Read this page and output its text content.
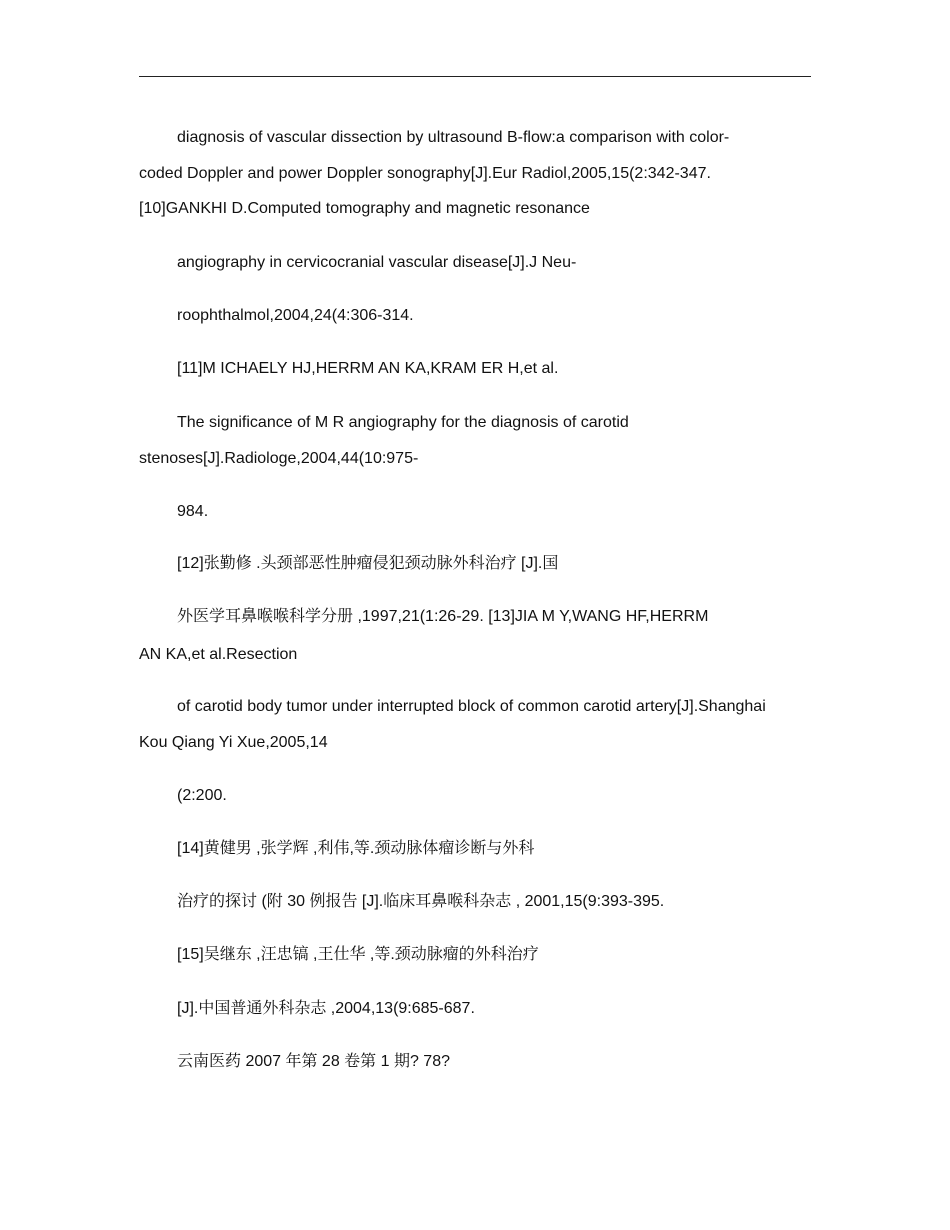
diagnosis of vascular dissection by ultrasound B-flow:a comparison with color-
coded Doppler and power Doppler sonography[J].Eur Radiol,2005,15(2:342-347.
[10]GANKHI D.Computed tomography and magnetic resonance
angiography in cervicocranial vascular disease[J].J Neu-
roophthalmol,2004,24(4:306-314.
[11]M ICHAELY HJ,HERRM AN KA,KRAM ER H,et al.
The significance of M R angiography for the diagnosis of carotid
stenoses[J].Radiologe,2004,44(10:975-
984.
[12]张勤修 .头颈部恶性肿瘤侵犯颈动脉外科治疗 [J].国
外医学耳鼻喉喉科学分册 ,1997,21(1:26-29. [13]JIA M Y,WANG HF,HERRM
AN KA,et al.Resection
of carotid body tumor under interrupted block of common carotid artery[J].Shanghai
Kou Qiang Yi Xue,2005,14
(2:200.
[14]黄健男 ,张学辉 ,利伟,等.颈动脉体瘤诊断与外科
治疗的探讨 (附 30 例报告 [J].临床耳鼻喉科杂志 , 2001,15(9:393-395.
[15]吴继东 ,汪忠镐 ,王仕华 ,等.颈动脉瘤的外科治疗
[J].中国普通外科杂志 ,2004,13(9:685-687.
云南医药 2007 年第 28 卷第 1 期? 78?
